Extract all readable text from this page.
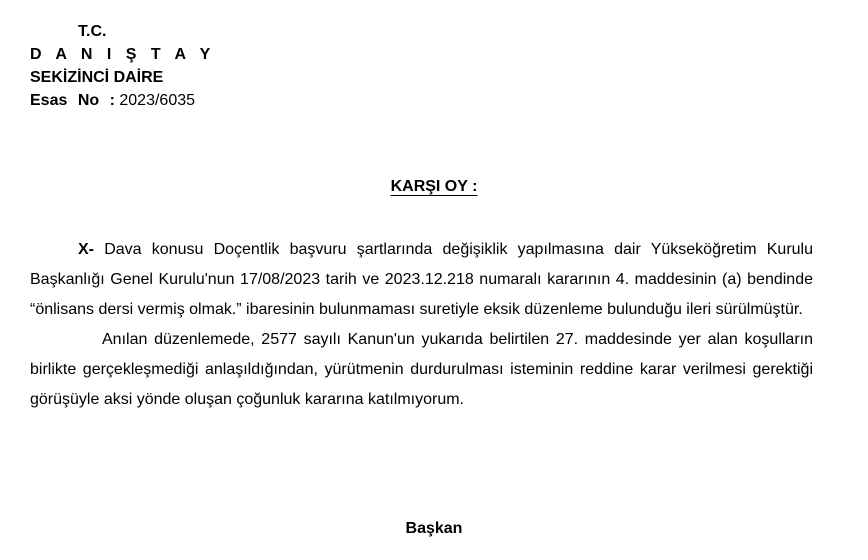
T.C.
D A N I Ş T A Y
SEKİZİNCİ DAİRE
Esas No : 2023/6035
KARŞI OY :

X- Dava konusu Doçentlik başvuru şartlarında değişiklik yapılmasına dair Yükseköğretim Kurulu Başkanlığı Genel Kurulu'nun 17/08/2023 tarih ve 2023.12.218 numaralı kararının 4. maddesinin (a) bendinde “önlisans dersi vermiş olmak.” ibaresinin bulunmaması suretiyle eksik düzenleme bulunduğu ileri sürülmüştür.

Anılan düzenlemede, 2577 sayılı Kanun'un yukarıda belirtilen 27. maddesinde yer alan koşulların birlikte gerçekleşmediği anlaşıldığından, yürütmenin durdurulması isteminin reddine karar verilmesi gerektiği görüşüyle aksi yönde oluşan çoğunluk kararına katılmıyorum.

Başkan
